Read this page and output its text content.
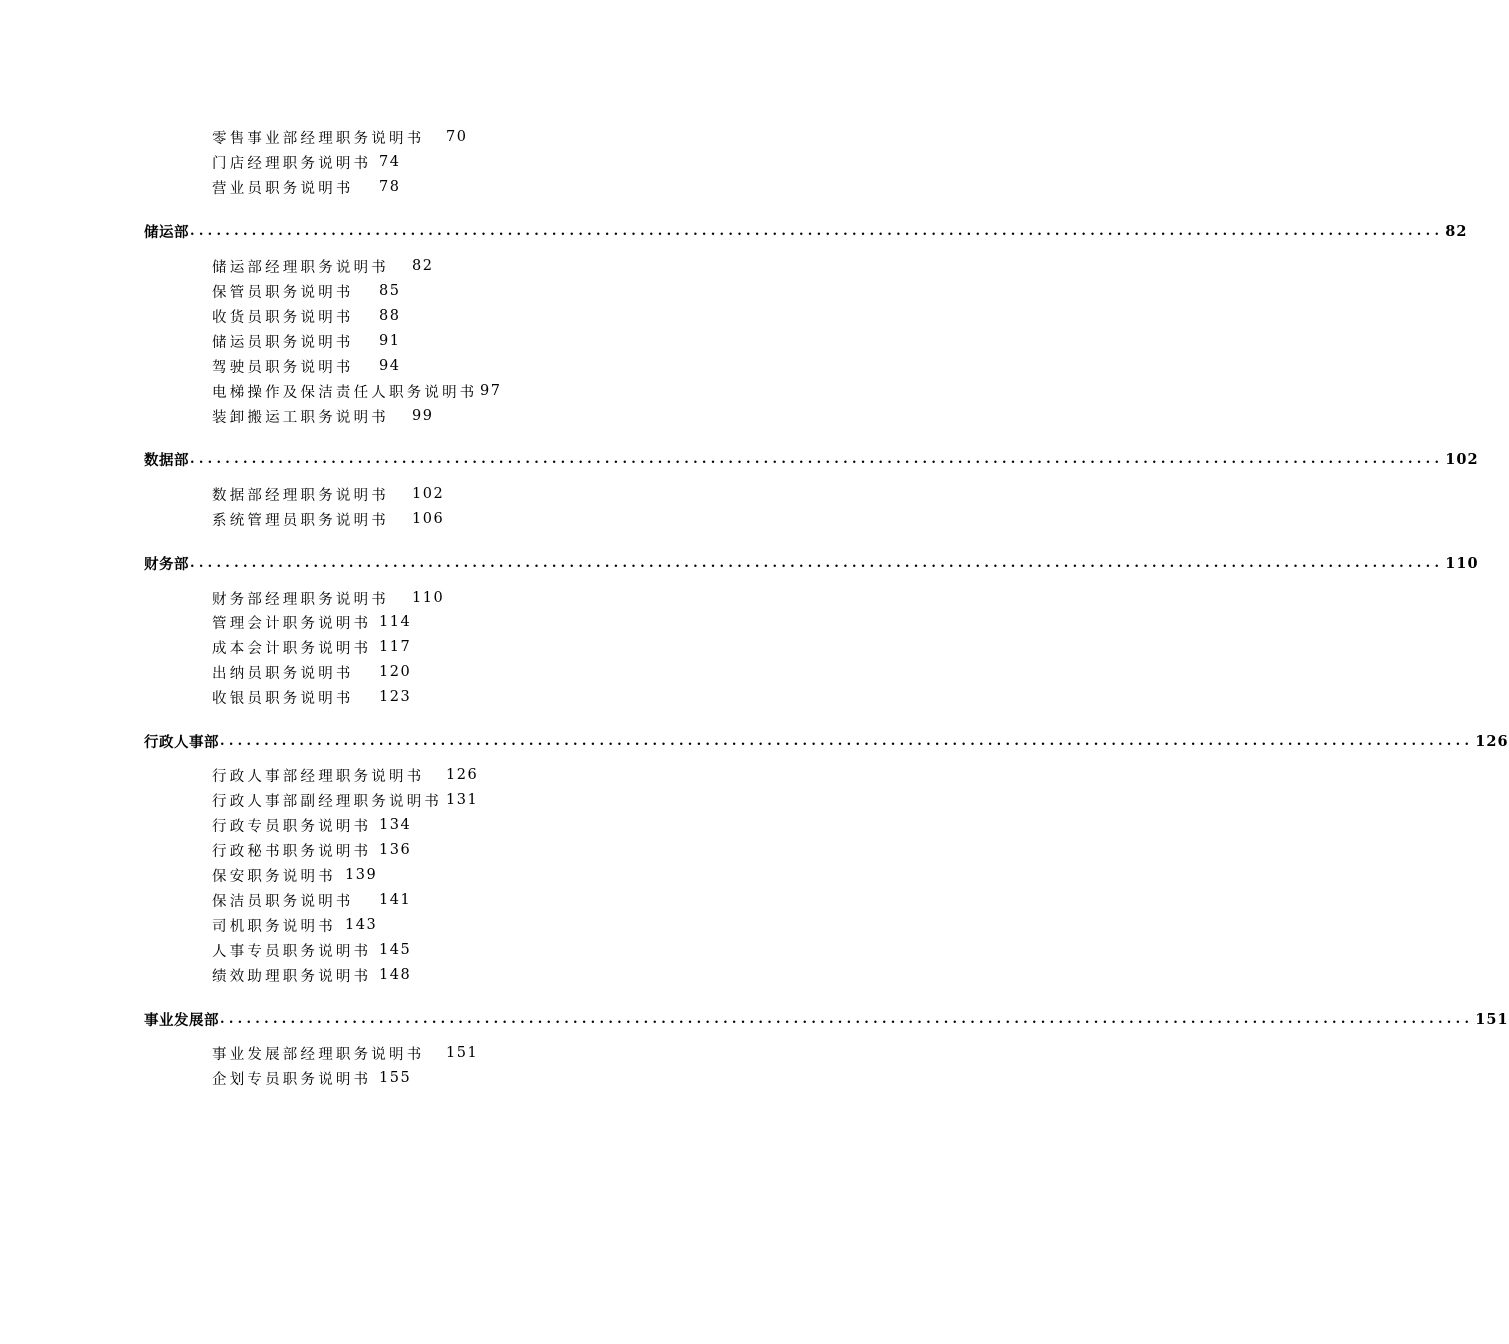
零售事业部经理职务说明书 70
门店经理职务说明书 74
营业员职务说明书 78
储运部 .............................................................................................................................................. 82
储运部经理职务说明书 82
保管员职务说明书 85
收货员职务说明书 88
储运员职务说明书 91
驾驶员职务说明书 94
电梯操作及保洁责任人职务说明书 97
装卸搬运工职务说明书 99
数据部 .............................................................................................................................................. 102
数据部经理职务说明书 102
系统管理员职务说明书 106
财务部 .............................................................................................................................................. 110
财务部经理职务说明书 110
管理会计职务说明书 114
成本会计职务说明书 117
出纳员职务说明书 120
收银员职务说明书 123
行政人事部 .............................................................................................................................................. 126
行政人事部经理职务说明书 126
行政人事部副经理职务说明书 131
行政专员职务说明书 134
行政秘书职务说明书 136
保安职务说明书 139
保洁员职务说明书 141
司机职务说明书 143
人事专员职务说明书 145
绩效助理职务说明书 148
事业发展部 .............................................................................................................................................. 151
事业发展部经理职务说明书 151
企划专员职务说明书 155
